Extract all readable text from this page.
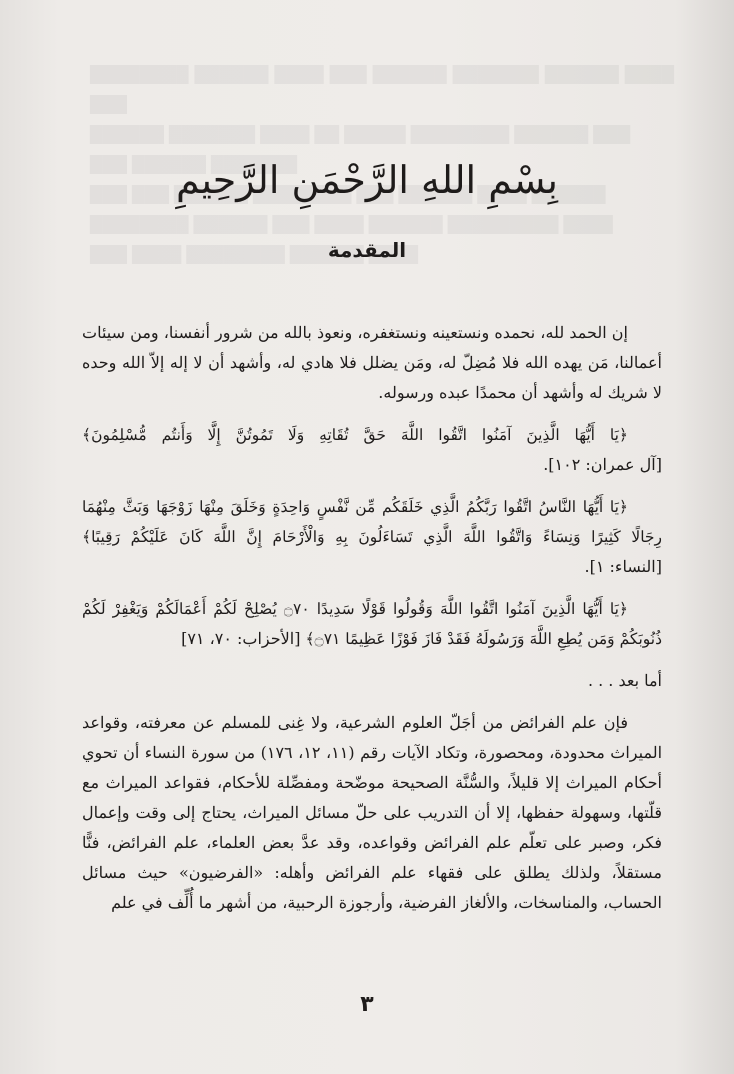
بِسْمِ اللهِ الرَّحْمَنِ الرَّحِيمِ
المقدمة

إن الحمد لله، نحمده ونستعينه ونستغفره، ونعوذ بالله من شرور أنفسنا، ومن سيئات أعمالنا، مَن يهده الله فلا مُضِلّ له، ومَن يضلل فلا هادي له، وأشهد أن لا إله إلاّ الله وحده لا شريك له وأشهد أن محمدًا عبده ورسوله.

﴿يَا أَيُّهَا الَّذِينَ آمَنُوا اتَّقُوا اللَّهَ حَقَّ تُقَاتِهِ وَلَا تَمُوتُنَّ إِلَّا وَأَنتُم مُّسْلِمُونَ﴾ [آل عمران: ١٠٢].

﴿يَا أَيُّهَا النَّاسُ اتَّقُوا رَبَّكُمُ الَّذِي خَلَقَكُم مِّن نَّفْسٍ وَاحِدَةٍ وَخَلَقَ مِنْهَا زَوْجَهَا وَبَثَّ مِنْهُمَا رِجَالًا كَثِيرًا وَنِسَاءً وَاتَّقُوا اللَّهَ الَّذِي تَسَاءَلُونَ بِهِ وَالْأَرْحَامَ إِنَّ اللَّهَ كَانَ عَلَيْكُمْ رَقِيبًا﴾ [النساء: ١].

﴿يَا أَيُّهَا الَّذِينَ آمَنُوا اتَّقُوا اللَّهَ وَقُولُوا قَوْلًا سَدِيدًا ۝٧٠ يُصْلِحْ لَكُمْ أَعْمَالَكُمْ وَيَغْفِرْ لَكُمْ ذُنُوبَكُمْ وَمَن يُطِعِ اللَّهَ وَرَسُولَهُ فَقَدْ فَازَ فَوْزًا عَظِيمًا ۝٧١﴾ [الأحزاب: ٧٠، ٧١]

أما بعد . . .

فإن علم الفرائض من أجَلّ العلوم الشرعية، ولا غِنى للمسلم عن معرفته، وقواعد الميراث محدودة، ومحصورة، وتكاد الآيات رقم (١١، ١٢، ١٧٦) من سورة النساء أن تحوي أحكام الميراث إلا قليلاً، والسُّنَّة الصحيحة موضّحة ومفصِّلة للأحكام، فقواعد الميراث مع قلّتها، وسهولة حفظها، إلا أن التدريب على حلّ مسائل الميراث، يحتاج إلى وقت وإعمال فكر، وصبر على تعلّم علم الفرائض وقواعده، وقد عدَّ بعض العلماء، علم الفرائض، فنًّا مستقلاً، ولذلك يطلق على فقهاء علم الفرائض وأهله: «الفرضيون» حيث مسائل الحساب، والمناسخات، والألغاز الفرضية، وأرجوزة الرحبية، من أشهر ما أُلِّف في علم

٣
